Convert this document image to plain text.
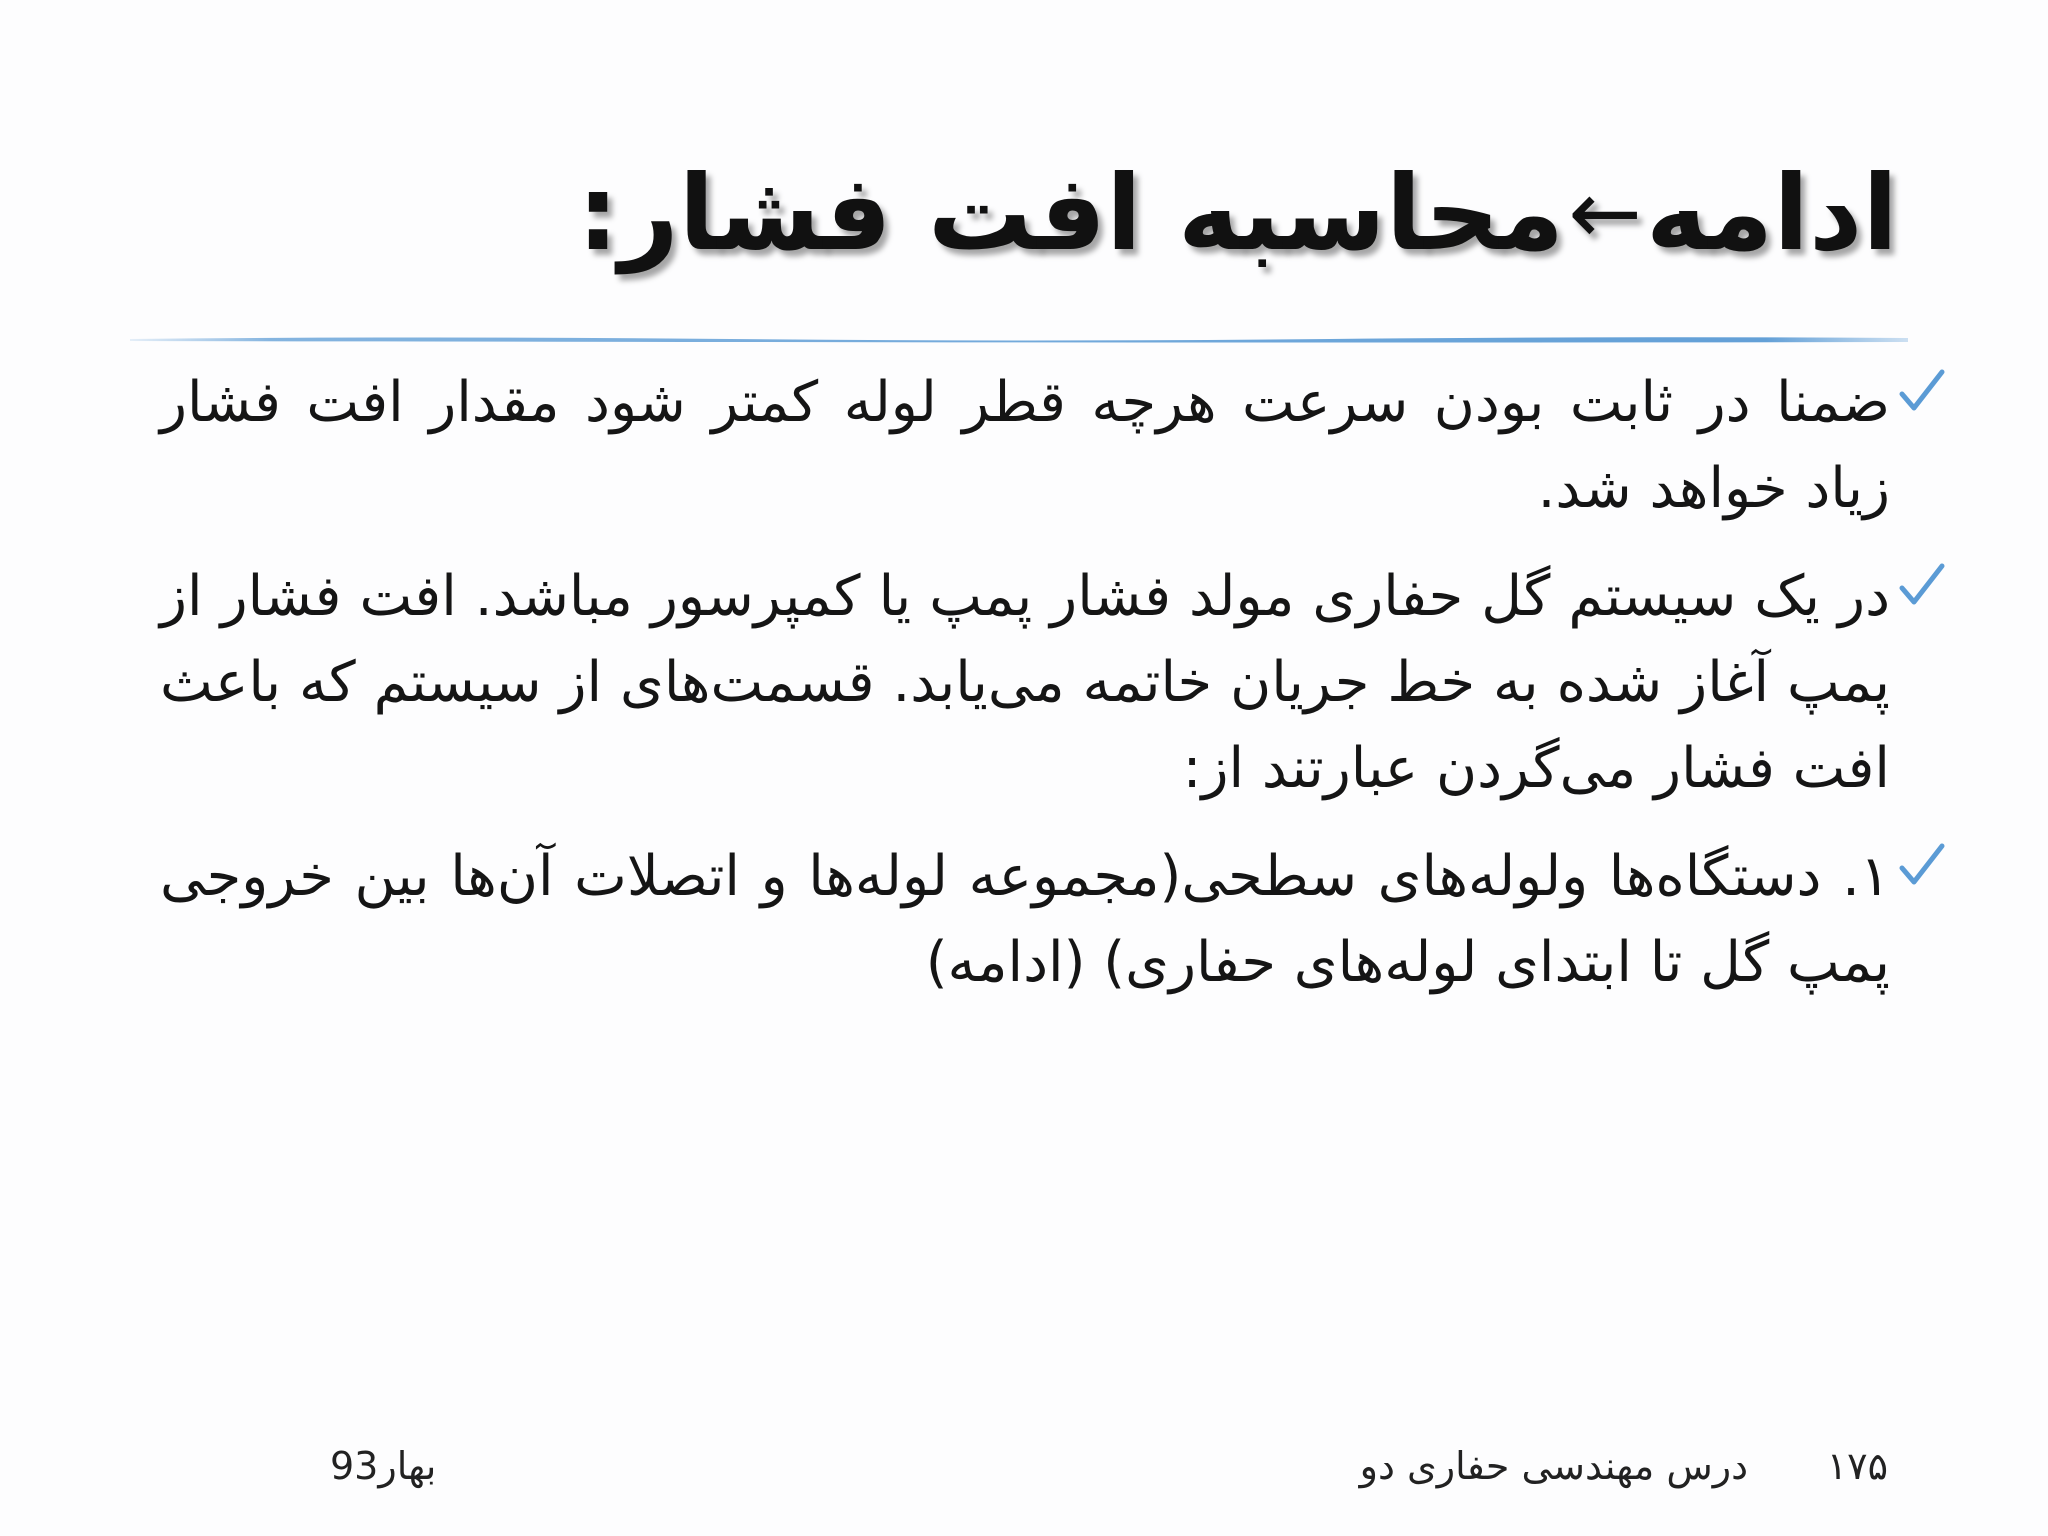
ادامه←محاسبه افت فشار:
ضمنا در ثابت بودن سرعت هرچه قطر لوله کمتر شود مقدار افت فشار زیاد خواهد شد.
در یک سیستم گل حفاری مولد فشار پمپ یا کمپرسور مباشد. افت فشار از پمپ آغاز شده به خط جریان خاتمه می‌یابد. قسمت‌های از سیستم که باعث افت فشار می‌گردن عبارتند از:
۱. دستگاه‌ها ولوله‌های سطحی(مجموعه لوله‌ها و اتصلات آن‌ها بین خروجی پمپ گل تا ابتدای لوله‌های حفاری) (ادامه)
۱۷۵
درس مهندسی حفاری دو
بهار93
